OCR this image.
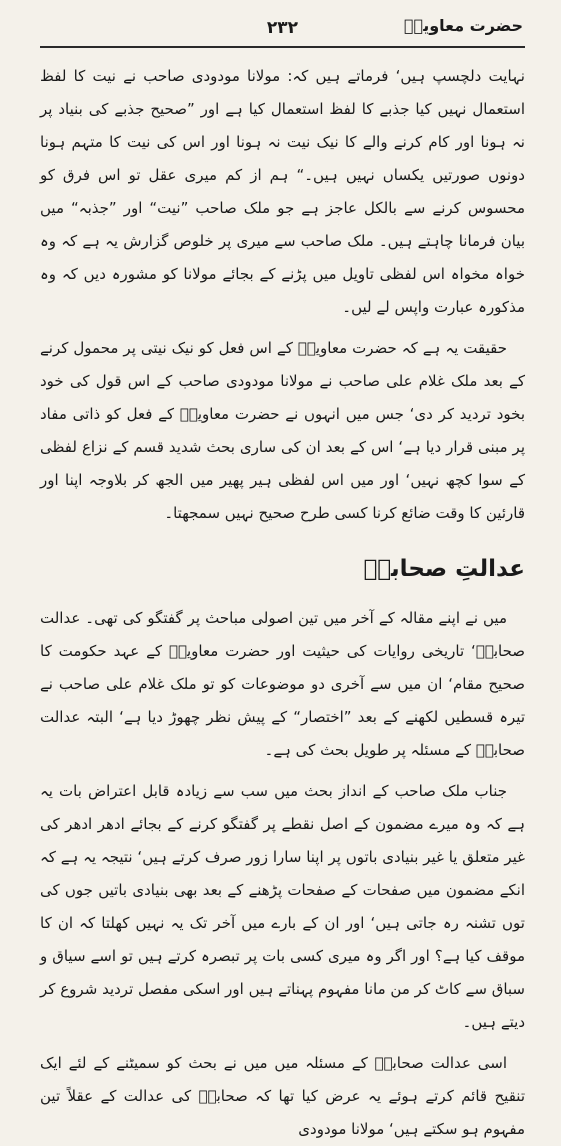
حضرت معاویہؓ
۲۳۲

نہایت دلچسپ ہیں‘ فرماتے ہیں کہ: مولانا مودودی صاحب نے نیت کا لفظ استعمال نہیں کیا جذبے کا لفظ استعمال کیا ہے اور ”صحیح جذبے کی بنیاد پر نہ ہونا اور کام کرنے والے کا نیک نیت نہ ہونا اور اس کی نیت کا متہم ہونا دونوں صورتیں یکساں نہیں ہیں۔“ ہم از کم میری عقل تو اس فرق کو محسوس کرنے سے بالکل عاجز ہے جو ملک صاحب ”نیت“ اور ”جذبہ“ میں بیان فرمانا چاہتے ہیں۔ ملک صاحب سے میری پر خلوص گزارش یہ ہے کہ وہ خواہ مخواہ اس لفظی تاویل میں پڑنے کے بجائے مولانا کو مشورہ دیں کہ وہ مذکورہ عبارت واپس لے لیں۔

حقیقت یہ ہے کہ حضرت معاویہؓ کے اس فعل کو نیک نیتی پر محمول کرنے کے بعد ملک غلام علی صاحب نے مولانا مودودی صاحب کے اس قول کی خود بخود تردید کر دی‘ جس میں انہوں نے حضرت معاویہؓ کے فعل کو ذاتی مفاد پر مبنی قرار دیا ہے‘ اس کے بعد ان کی ساری بحث شدید قسم کے نزاع لفظی کے سوا کچھ نہیں‘ اور میں اس لفظی ہیر پھیر میں الجھ کر بلاوجہ اپنا اور قارئین کا وقت ضائع کرنا کسی طرح صحیح نہیں سمجھتا۔

عدالتِ صحابہؓ

میں نے اپنے مقالہ کے آخر میں تین اصولی مباحث پر گفتگو کی تھی۔ عدالت صحابہؓ‘ تاریخی روایات کی حیثیت اور حضرت معاویہؓ کے عہد حکومت کا صحیح مقام‘ ان میں سے آخری دو موضوعات کو تو ملک غلام علی صاحب نے تیرہ قسطیں لکھنے کے بعد ”اختصار“ کے پیش نظر چھوڑ دیا ہے‘ البتہ عدالت صحابہؓ کے مسئلہ پر طویل بحث کی ہے۔

جناب ملک صاحب کے انداز بحث میں سب سے زیادہ قابل اعتراض بات یہ ہے کہ وہ میرے مضمون کے اصل نقطے پر گفتگو کرنے کے بجائے ادھر ادھر کی غیر متعلق یا غیر بنیادی باتوں پر اپنا سارا زور صرف کرتے ہیں‘ نتیجہ یہ ہے کہ انکے مضمون میں صفحات کے صفحات پڑھنے کے بعد بھی بنیادی باتیں جوں کی توں تشنہ رہ جاتی ہیں‘ اور ان کے بارے میں آخر تک یہ نہیں کھلتا کہ ان کا موقف کیا ہے؟ اور اگر وہ میری کسی بات پر تبصرہ کرتے ہیں تو اسے سیاق و سباق سے کاٹ کر من مانا مفہوم پہناتے ہیں اور اسکی مفصل تردید شروع کر دیتے ہیں۔

اسی عدالت صحابہؓ کے مسئلہ میں میں نے بحث کو سمیٹنے کے لئے ایک تنقیح قائم کرتے ہوئے یہ عرض کیا تھا کہ صحابہؓ کی عدالت کے عقلاً تین مفہوم ہو سکتے ہیں‘ مولانا مودودی
